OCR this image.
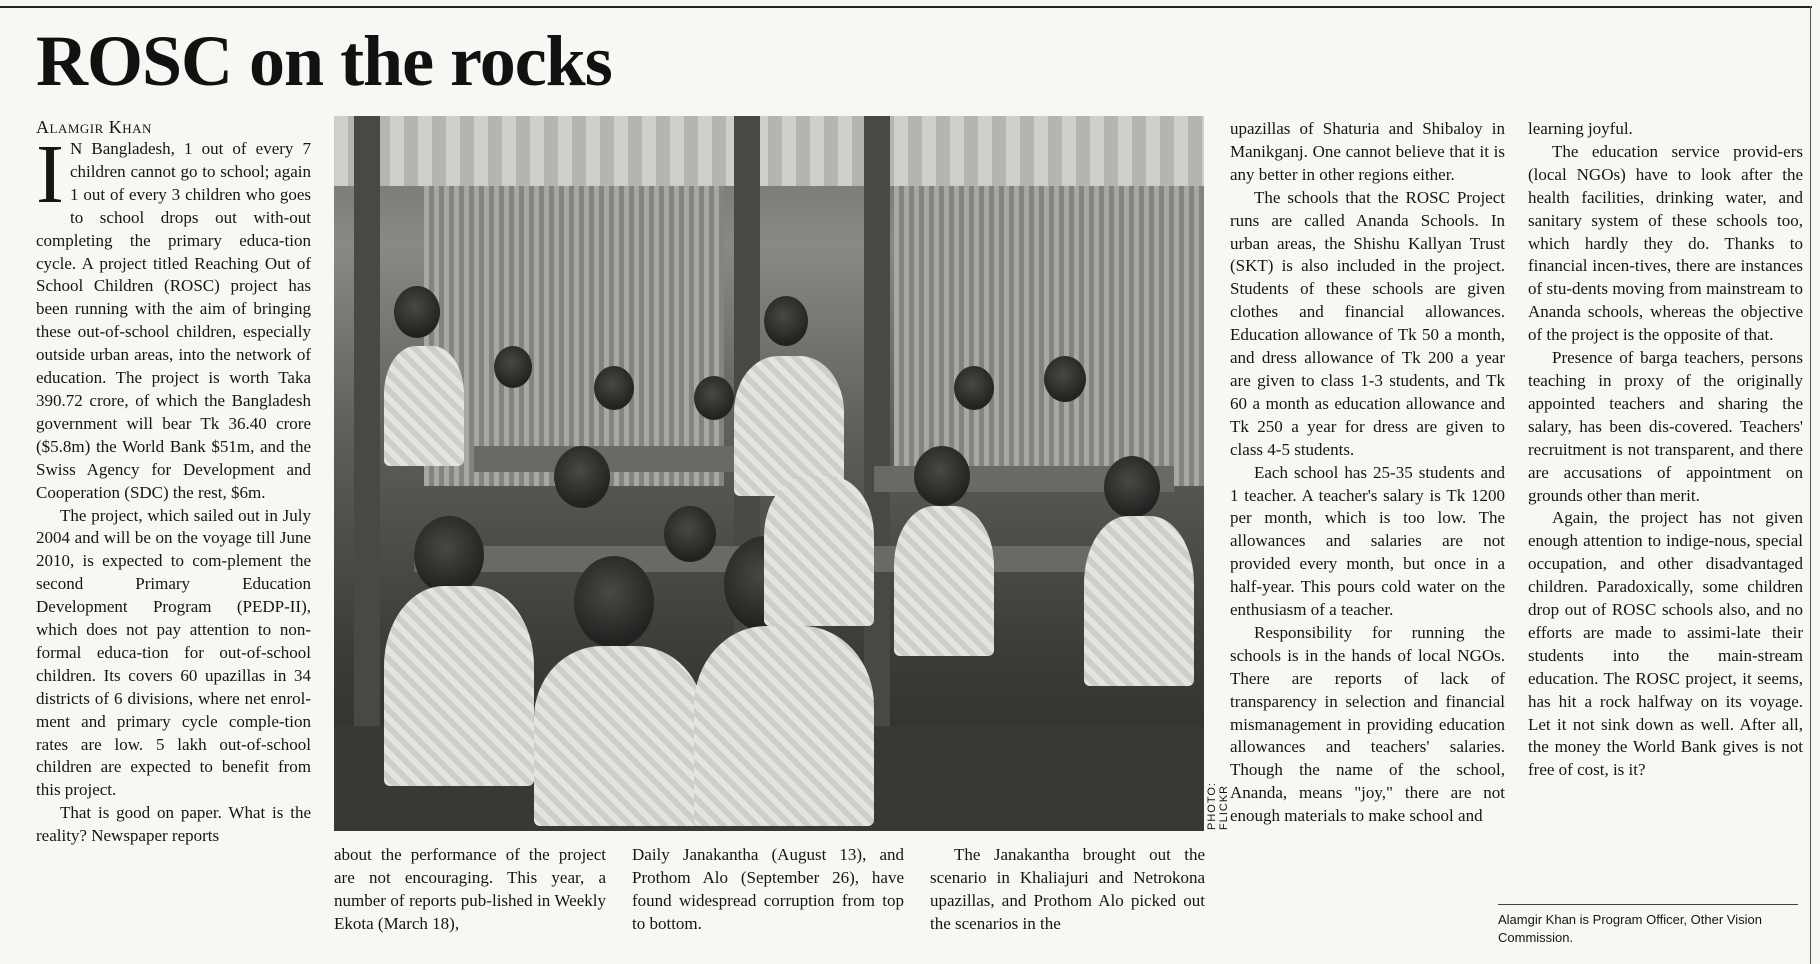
ROSC on the rocks
Alamgir Khan

IN Bangladesh, 1 out of every 7 children cannot go to school; again 1 out of every 3 children who goes to school drops out with-out completing the primary educa-tion cycle. A project titled Reaching Out of School Children (ROSC) project has been running with the aim of bringing these out-of-school children, especially outside urban areas, into the network of education. The project is worth Taka 390.72 crore, of which the Bangladesh government will bear Tk 36.40 crore ($5.8m) the World Bank $51m, and the Swiss Agency for Development and Cooperation (SDC) the rest, $6m.

The project, which sailed out in July 2004 and will be on the voyage till June 2010, is expected to com-plement the second Primary Education Development Program (PEDP-II), which does not pay attention to non-formal educa-tion for out-of-school children. Its covers 60 upazillas in 34 districts of 6 divisions, where net enrol-ment and primary cycle comple-tion rates are low. 5 lakh out-of-school children are expected to benefit from this project.

That is good on paper. What is the reality? Newspaper reports

PHOTO: FLICKR

about the performance of the project are not encouraging. This year, a number of reports pub-lished in Weekly Ekota (March 18),

Daily Janakantha (August 13), and Prothom Alo (September 26), have found widespread corruption from top to bottom.

The Janakantha brought out the scenario in Khaliajuri and Netrokona upazillas, and Prothom Alo picked out the scenarios in the

upazillas of Shaturia and Shibaloy in Manikganj. One cannot believe that it is any better in other regions either.

The schools that the ROSC Project runs are called Ananda Schools. In urban areas, the Shishu Kallyan Trust (SKT) is also included in the project. Students of these schools are given clothes and financial allowances. Education allowance of Tk 50 a month, and dress allowance of Tk 200 a year are given to class 1-3 students, and Tk 60 a month as education allowance and Tk 250 a year for dress are given to class 4-5 students.

Each school has 25-35 students and 1 teacher. A teacher's salary is Tk 1200 per month, which is too low. The allowances and salaries are not provided every month, but once in a half-year. This pours cold water on the enthusiasm of a teacher.

Responsibility for running the schools is in the hands of local NGOs. There are reports of lack of transparency in selection and financial mismanagement in providing education allowances and teachers' salaries. Though the name of the school, Ananda, means "joy," there are not enough materials to make school and

learning joyful.

The education service provid-ers (local NGOs) have to look after the health facilities, drinking water, and sanitary system of these schools too, which hardly they do. Thanks to financial incen-tives, there are instances of stu-dents moving from mainstream to Ananda schools, whereas the objective of the project is the opposite of that.

Presence of barga teachers, persons teaching in proxy of the originally appointed teachers and sharing the salary, has been dis-covered. Teachers' recruitment is not transparent, and there are accusations of appointment on grounds other than merit.

Again, the project has not given enough attention to indige-nous, special occupation, and other disadvantaged children. Paradoxically, some children drop out of ROSC schools also, and no efforts are made to assimi-late their students into the main-stream education. The ROSC project, it seems, has hit a rock halfway on its voyage. Let it not sink down as well. After all, the money the World Bank gives is not free of cost, is it?

Alamgir Khan is Program Officer, Other Vision Commission.
